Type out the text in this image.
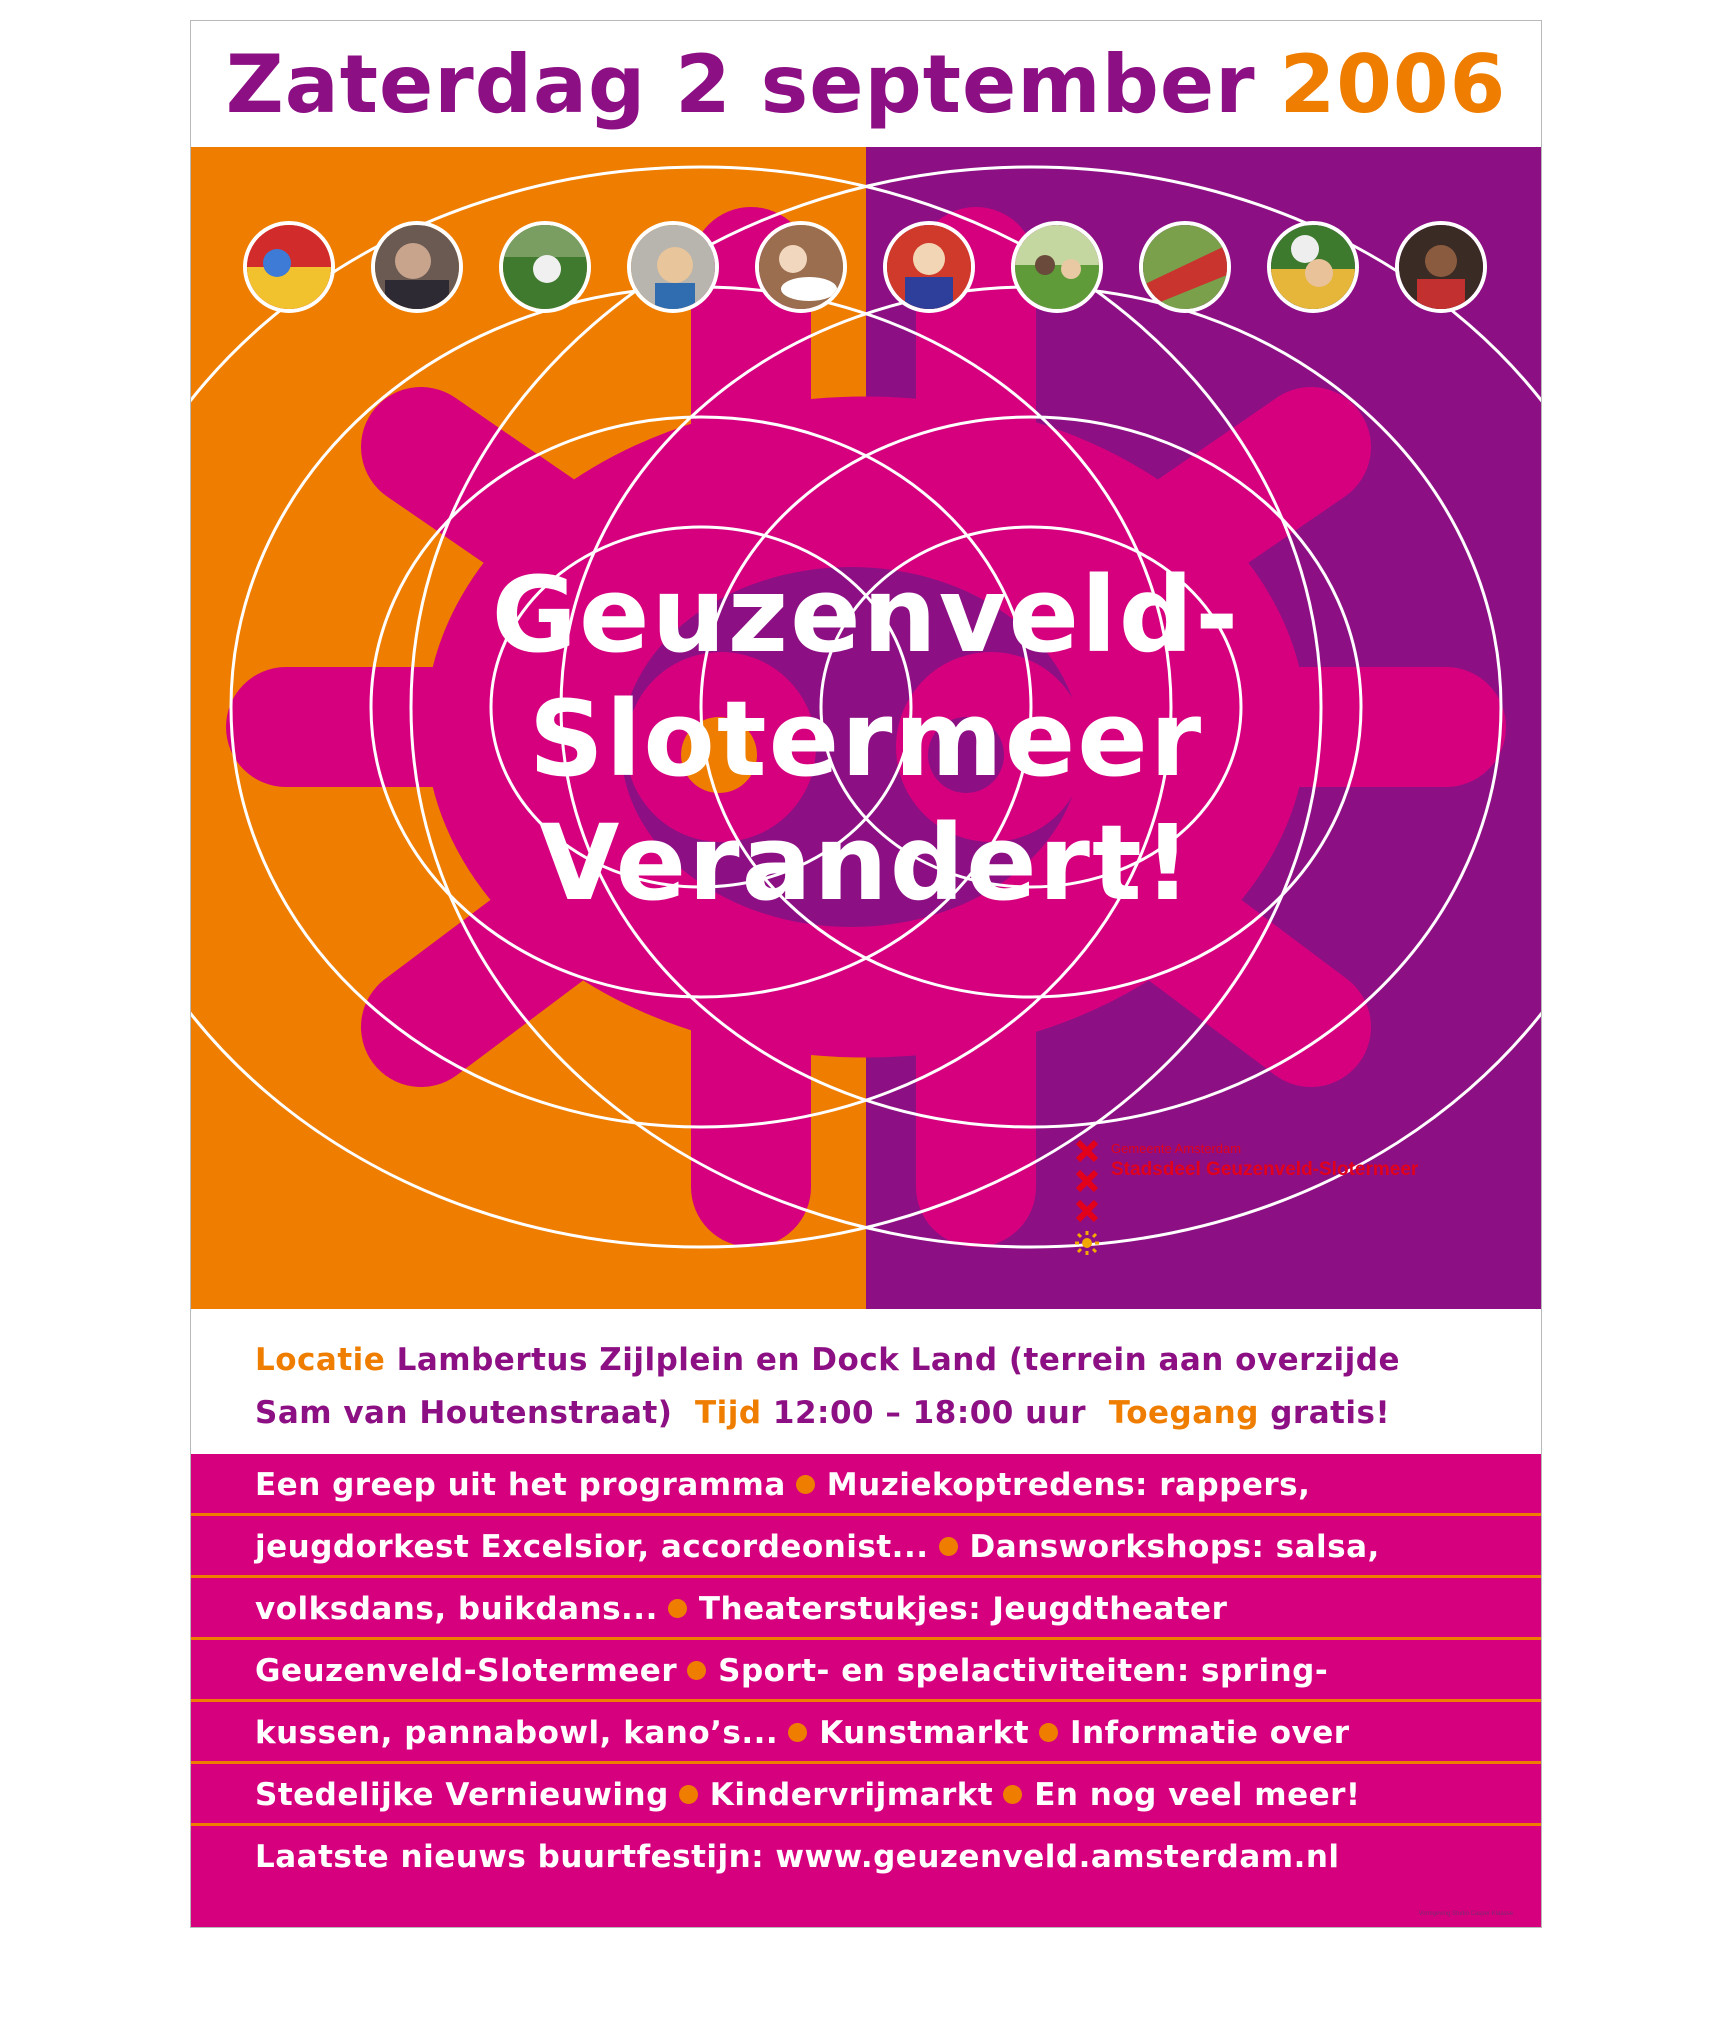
Zaterdag 2 september 2006
Geuzenveld-
Slotermeer
Verandert!
Gemeente Amsterdam
Stadsdeel Geuzenveld-Slotermeer
Locatie Lambertus Zijlplein en Dock Land (terrein aan overzijde
Sam van Houtenstraat) Tijd 12:00 – 18:00 uur Toegang gratis!
Een greep uit het programma Muziekoptredens: rappers,
jeugdorkest Excelsior, accordeonist... Dansworkshops: salsa,
volksdans, buikdans... Theaterstukjes: Jeugdtheater
Geuzenveld-Slotermeer Sport- en spelactiviteiten: spring-
kussen, pannabowl, kano’s... Kunstmarkt Informatie over
Stedelijke Vernieuwing Kindervrijmarkt En nog veel meer!
Laatste nieuws buurtfestijn: www.geuzenveld.amsterdam.nl
Vormgeving Studio Casper Klaasse
